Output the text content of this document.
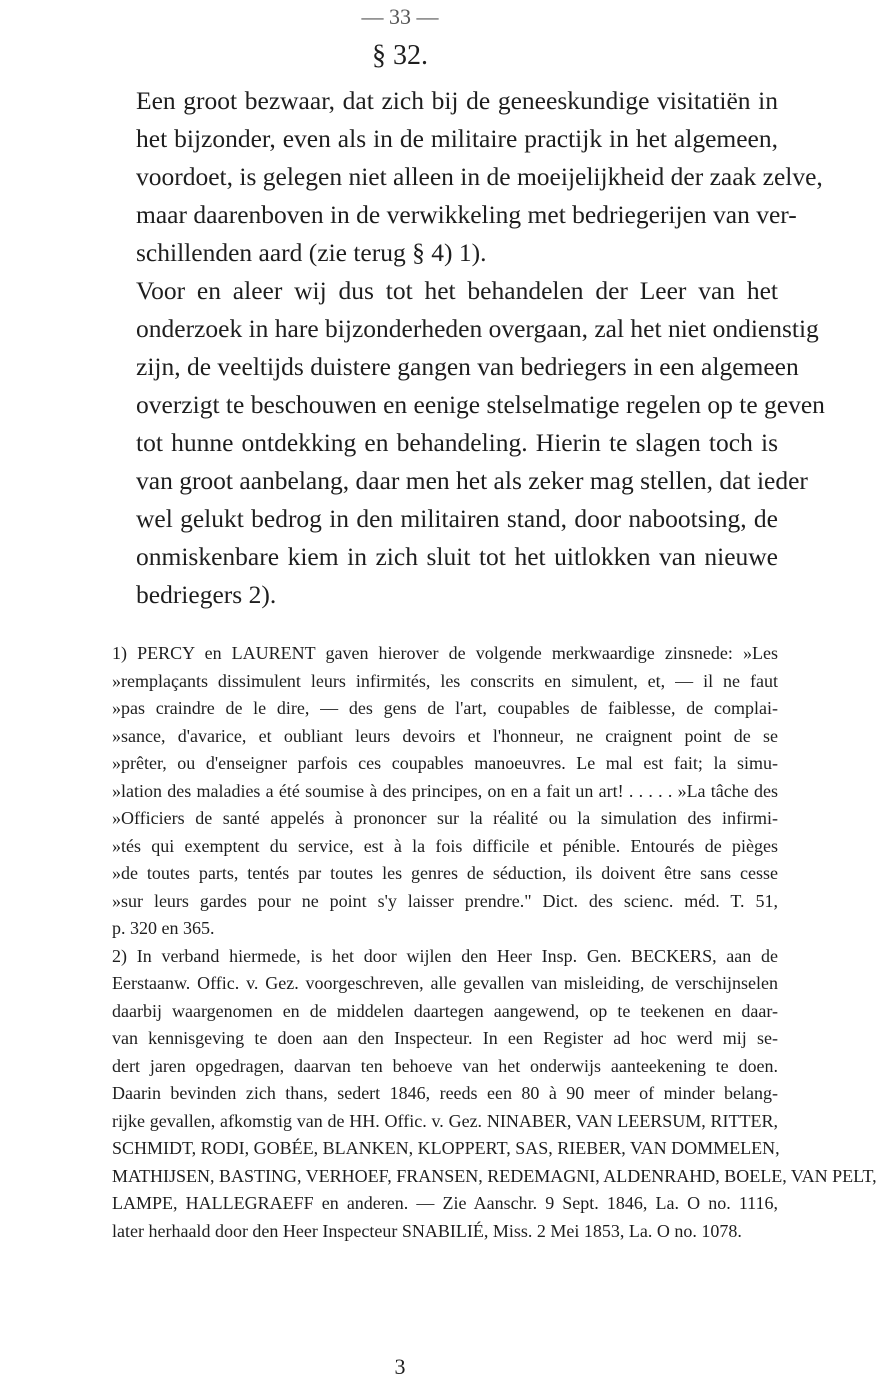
— 33 —
§ 32.

Een groot bezwaar, dat zich bij de geneeskundige visitatiën in
het bijzonder, even als in de militaire practijk in het algemeen,
voordoet, is gelegen niet alleen in de moeijelijkheid der zaak zelve,
maar daarenboven in de verwikkeling met bedriegerijen van ver-
schillenden aard (zie terug § 4) 1).

Voor en aleer wij dus tot het behandelen der Leer van het
onderzoek in hare bijzonderheden overgaan, zal het niet ondienstig
zijn, de veeltijds duistere gangen van bedriegers in een algemeen
overzigt te beschouwen en eenige stelselmatige regelen op te geven
tot hunne ontdekking en behandeling. Hierin te slagen toch is
van groot aanbelang, daar men het als zeker mag stellen, dat ieder
wel gelukt bedrog in den militairen stand, door nabootsing, de
onmiskenbare kiem in zich sluit tot het uitlokken van nieuwe
bedriegers 2).

1) PERCY en LAURENT gaven hierover de volgende merkwaardige zinsnede: »Les
»remplaçants dissimulent leurs infirmités, les conscrits en simulent, et, — il ne faut
»pas craindre de le dire, — des gens de l'art, coupables de faiblesse, de complai-
»sance, d'avarice, et oubliant leurs devoirs et l'honneur, ne craignent point de se
»prêter, ou d'enseigner parfois ces coupables manoeuvres. Le mal est fait; la simu-
»lation des maladies a été soumise à des principes, on en a fait un art! . . . . . »La tâche des
»Officiers de santé appelés à prononcer sur la réalité ou la simulation des infirmi-
»tés qui exemptent du service, est à la fois difficile et pénible. Entourés de pièges
»de toutes parts, tentés par toutes les genres de séduction, ils doivent être sans cesse
»sur leurs gardes pour ne point s'y laisser prendre." Dict. des scienc. méd. T. 51,
p. 320 en 365.
2) In verband hiermede, is het door wijlen den Heer Insp. Gen. BECKERS, aan de
Eerstaanw. Offic. v. Gez. voorgeschreven, alle gevallen van misleiding, de verschijnselen
daarbij waargenomen en de middelen daartegen aangewend, op te teekenen en daar-
van kennisgeving te doen aan den Inspecteur. In een Register ad hoc werd mij se-
dert jaren opgedragen, daarvan ten behoeve van het onderwijs aanteekening te doen.
Daarin bevinden zich thans, sedert 1846, reeds een 80 à 90 meer of minder belang-
rijke gevallen, afkomstig van de HH. Offic. v. Gez. NINABER, VAN LEERSUM, RITTER,
SCHMIDT, RODI, GOBÉE, BLANKEN, KLOPPERT, SAS, RIEBER, VAN DOMMELEN,
MATHIJSEN, BASTING, VERHOEF, FRANSEN, REDEMAGNI, ALDENRAHD, BOELE, VAN PELT,
LAMPE, HALLEGRAEFF en anderen. — Zie Aanschr. 9 Sept. 1846, La. O no. 1116,
later herhaald door den Heer Inspecteur SNABILIÉ, Miss. 2 Mei 1853, La. O no. 1078.
3
